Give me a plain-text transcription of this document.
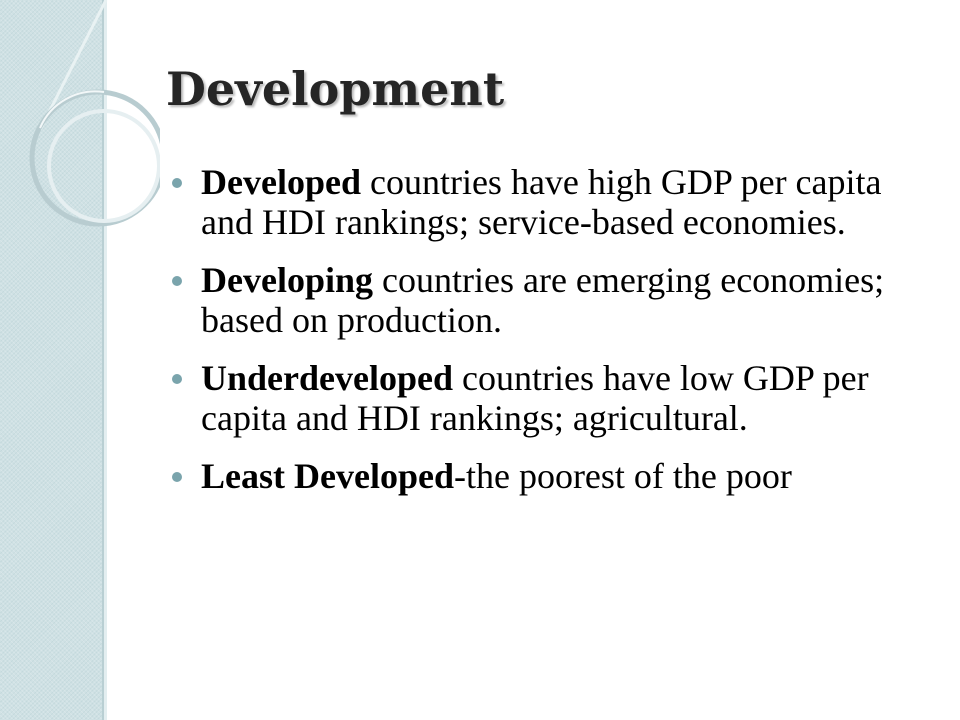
Development
Developed countries have high GDP per capita and HDI rankings; service-based economies.
Developing countries are emerging economies;  based on production.
Underdeveloped countries have low GDP per capita and HDI rankings; agricultural.
Least Developed-the poorest of the poor
